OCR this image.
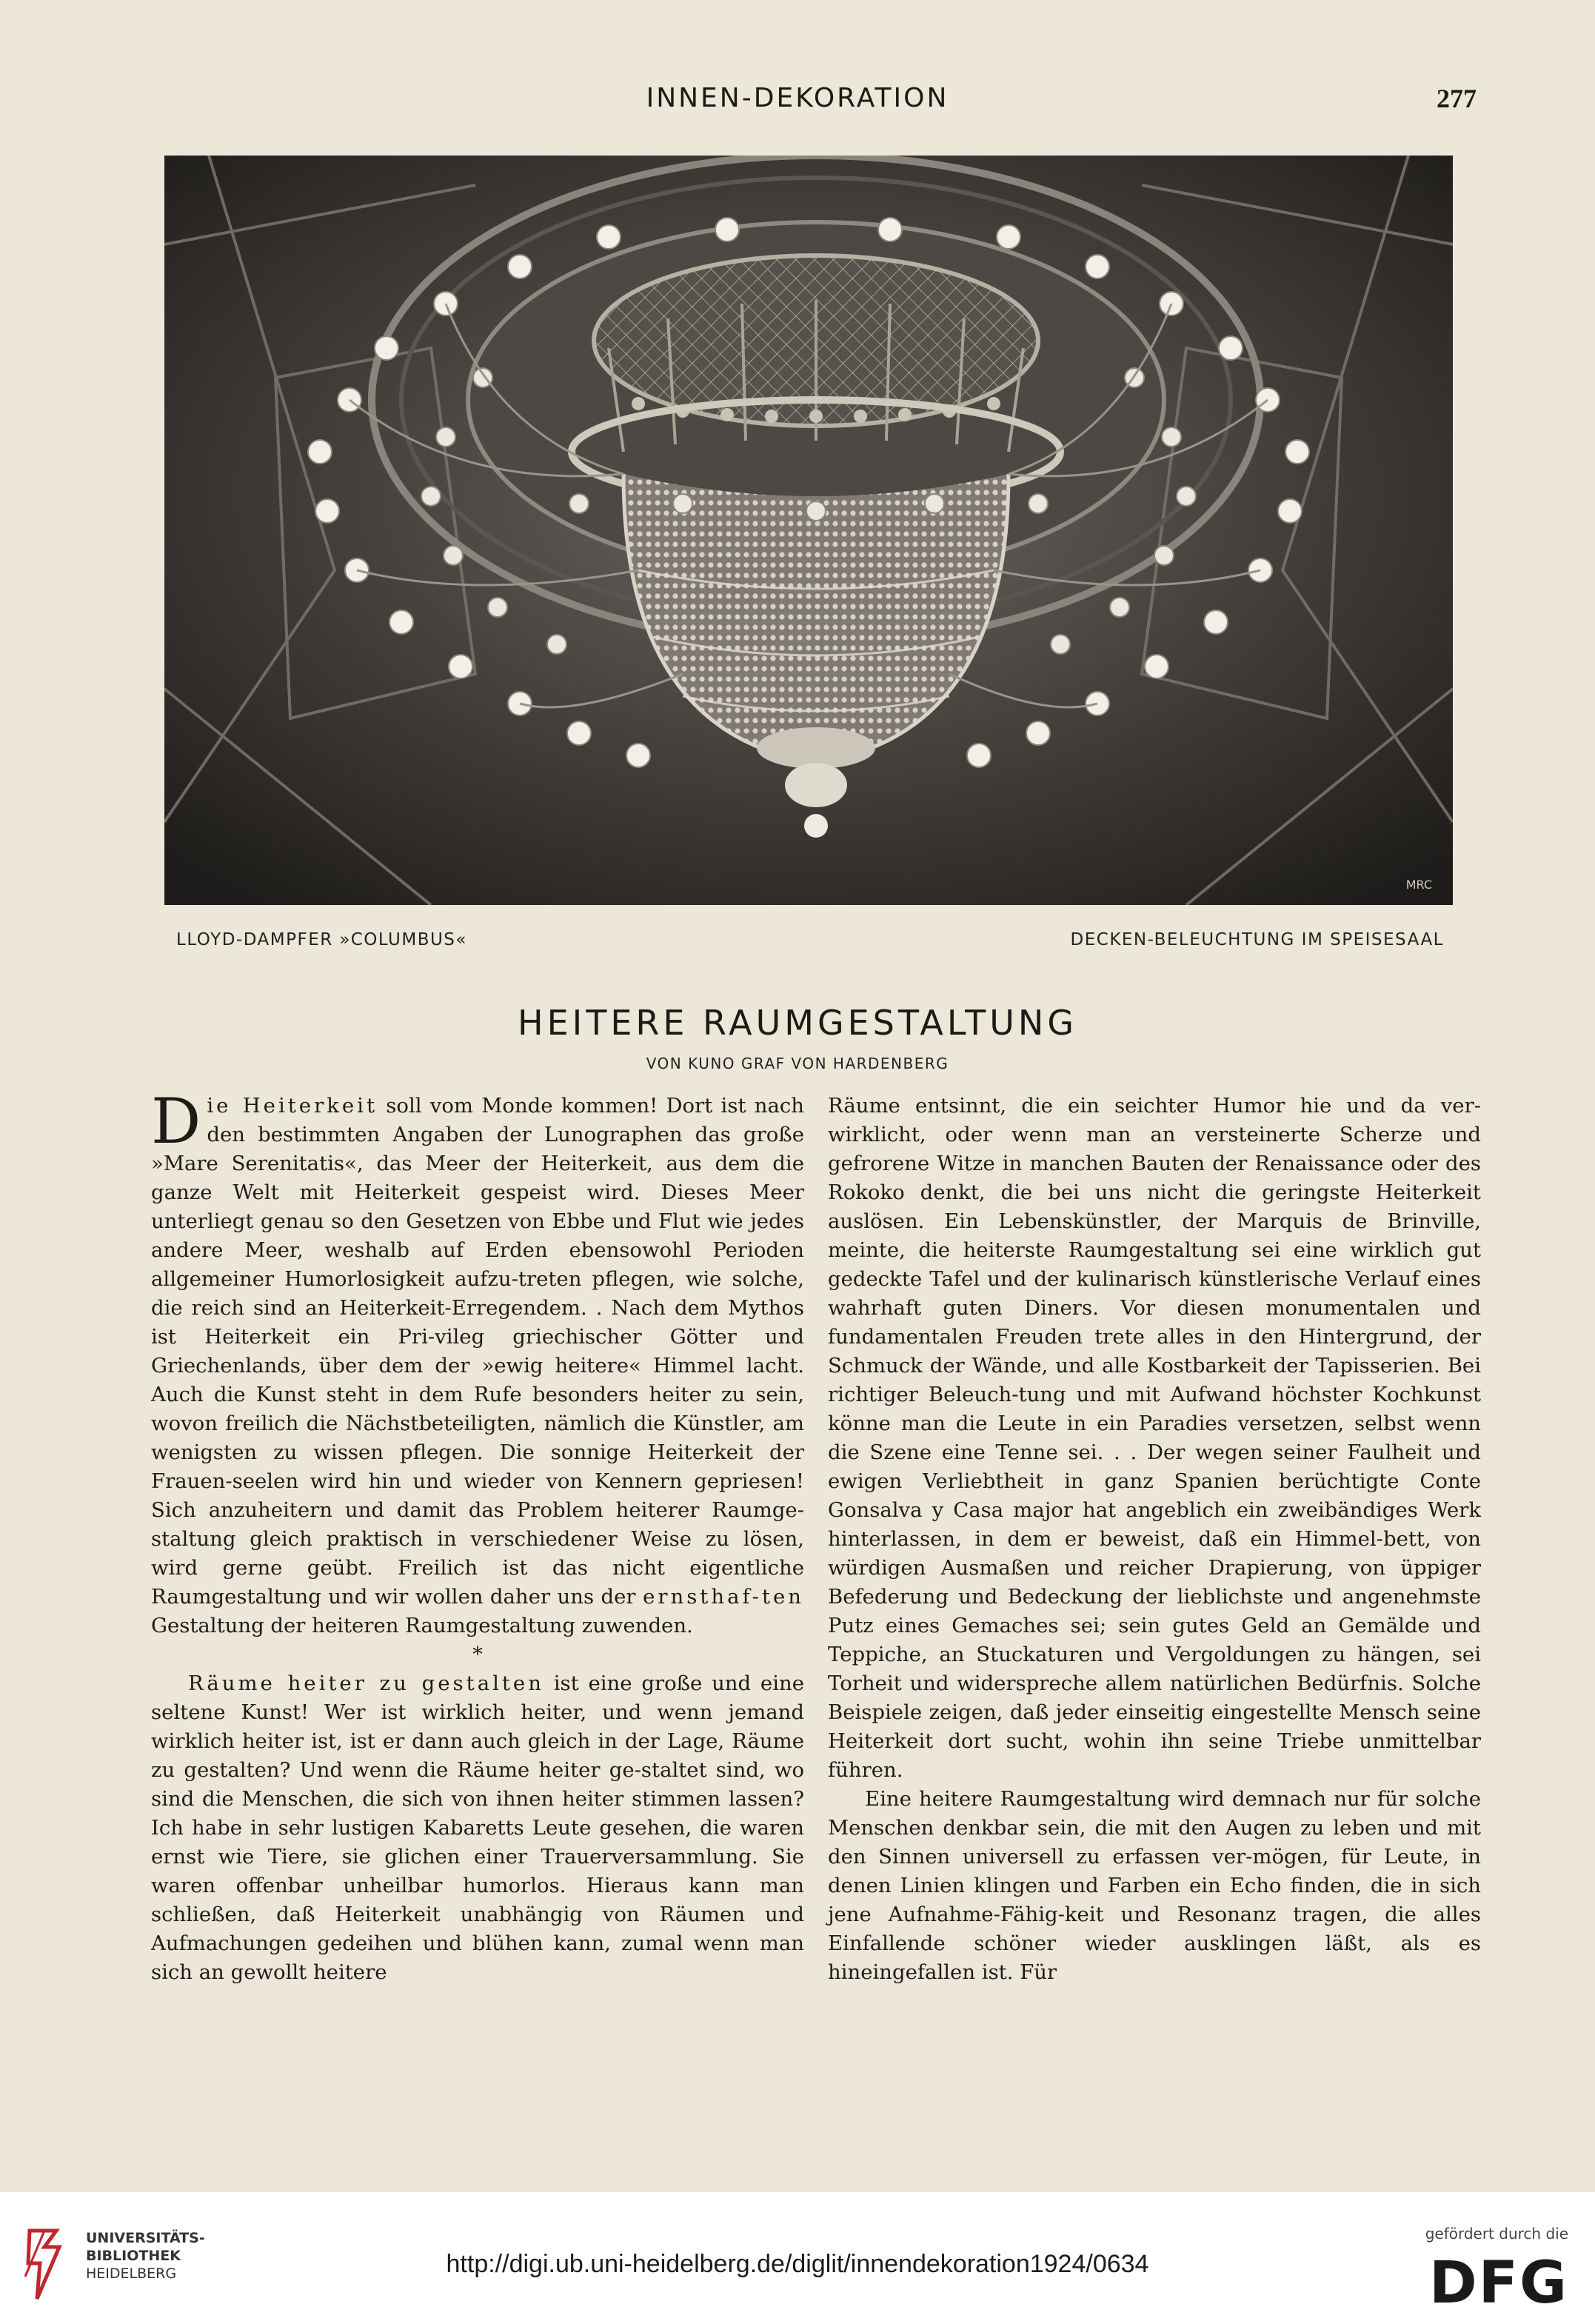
INNEN-DEKORATION	277
MRC
LLOYD-DAMPFER »COLUMBUS«	DECKEN-BELEUCHTUNG IM SPEISESAAL
HEITERE RAUMGESTALTUNG
VON KUNO GRAF VON HARDENBERG

Die Heiterkeit soll vom Monde kommen! Dort ist nach den bestimmten Angaben der Lunographen das große »Mare Serenitatis«, das Meer der Heiterkeit, aus dem die ganze Welt mit Heiterkeit gespeist wird. Dieses Meer unterliegt genau so den Gesetzen von Ebbe und Flut wie jedes andere Meer, weshalb auf Erden ebensowohl Perioden allgemeiner Humorlosigkeit aufzu-treten pflegen, wie solche, die reich sind an Heiterkeit-Erregendem. . Nach dem Mythos ist Heiterkeit ein Pri-vileg griechischer Götter und Griechenlands, über dem der »ewig heitere« Himmel lacht. Auch die Kunst steht in dem Rufe besonders heiter zu sein, wovon freilich die Nächstbeteiligten, nämlich die Künstler, am wenigsten zu wissen pflegen. Die sonnige Heiterkeit der Frauen-seelen wird hin und wieder von Kennern gepriesen! Sich anzuheitern und damit das Problem heiterer Raumge-staltung gleich praktisch in verschiedener Weise zu lösen, wird gerne geübt. Freilich ist das nicht eigentliche Raumgestaltung und wir wollen daher uns der ernsthaf-ten Gestaltung der heiteren Raumgestaltung zuwenden.

*

Räume heiter zu gestalten ist eine große und eine seltene Kunst! Wer ist wirklich heiter, und wenn jemand wirklich heiter ist, ist er dann auch gleich in der Lage, Räume zu gestalten? Und wenn die Räume heiter ge-staltet sind, wo sind die Menschen, die sich von ihnen heiter stimmen lassen? Ich habe in sehr lustigen Kabaretts Leute gesehen, die waren ernst wie Tiere, sie glichen einer Trauerversammlung. Sie waren offenbar unheilbar humorlos. Hieraus kann man schließen, daß Heiterkeit unabhängig von Räumen und Aufmachungen gedeihen und blühen kann, zumal wenn man sich an gewollt heitere

Räume entsinnt, die ein seichter Humor hie und da ver-wirklicht, oder wenn man an versteinerte Scherze und gefrorene Witze in manchen Bauten der Renaissance oder des Rokoko denkt, die bei uns nicht die geringste Heiterkeit auslösen. Ein Lebenskünstler, der Marquis de Brinville, meinte, die heiterste Raumgestaltung sei eine wirklich gut gedeckte Tafel und der kulinarisch künstlerische Verlauf eines wahrhaft guten Diners. Vor diesen monumentalen und fundamentalen Freuden trete alles in den Hintergrund, der Schmuck der Wände, und alle Kostbarkeit der Tapisserien. Bei richtiger Beleuch-tung und mit Aufwand höchster Kochkunst könne man die Leute in ein Paradies versetzen, selbst wenn die Szene eine Tenne sei. . . Der wegen seiner Faulheit und ewigen Verliebtheit in ganz Spanien berüchtigte Conte Gonsalva y Casa major hat angeblich ein zweibändiges Werk hinterlassen, in dem er beweist, daß ein Himmel-bett, von würdigen Ausmaßen und reicher Drapierung, von üppiger Befederung und Bedeckung der lieblichste und angenehmste Putz eines Gemaches sei; sein gutes Geld an Gemälde und Teppiche, an Stuckaturen und Vergoldungen zu hängen, sei Torheit und widerspreche allem natürlichen Bedürfnis. Solche Beispiele zeigen, daß jeder einseitig eingestellte Mensch seine Heiterkeit dort sucht, wohin ihn seine Triebe unmittelbar führen.

Eine heitere Raumgestaltung wird demnach nur für solche Menschen denkbar sein, die mit den Augen zu leben und mit den Sinnen universell zu erfassen ver-mögen, für Leute, in denen Linien klingen und Farben ein Echo finden, die in sich jene Aufnahme-Fähig-keit und Resonanz tragen, die alles Einfallende schöner wieder ausklingen läßt, als es hineingefallen ist. Für

UNIVERSITÄTS-
BIBLIOTHEK
HEIDELBERG	http://digi.ub.uni-heidelberg.de/diglit/innendekoration1924/0634
gefördert durch die
DFG
